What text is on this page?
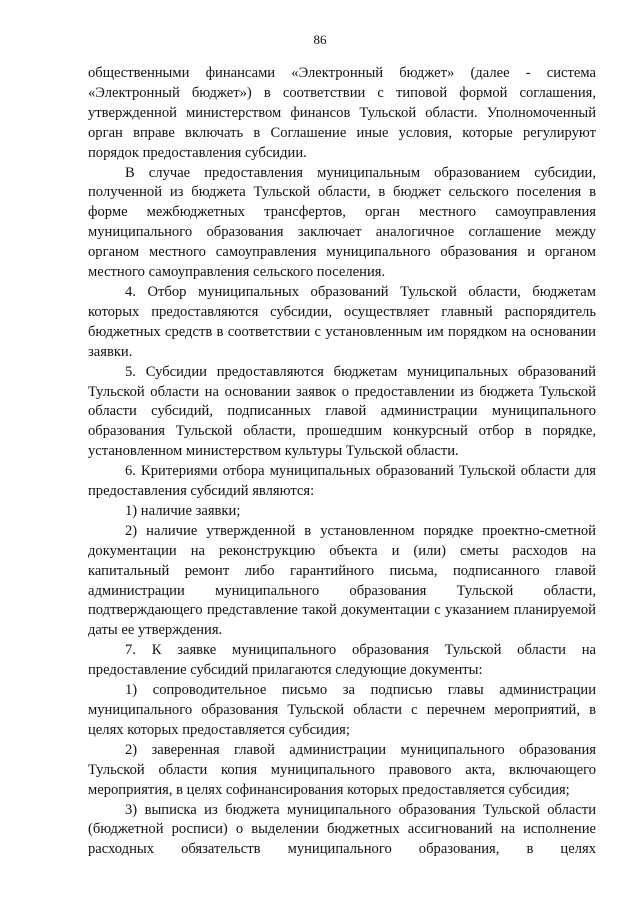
86

общественными финансами «Электронный бюджет» (далее - система «Электронный бюджет») в соответствии с типовой формой соглашения, утвержденной министерством финансов Тульской области. Уполномоченный орган вправе включать в Соглашение иные условия, которые регулируют порядок предоставления субсидии.

В случае предоставления муниципальным образованием субсидии, полученной из бюджета Тульской области, в бюджет сельского поселения в форме межбюджетных трансфертов, орган местного самоуправления муниципального образования заключает аналогичное соглашение между органом местного самоуправления муниципального образования и органом местного самоуправления сельского поселения.

4. Отбор муниципальных образований Тульской области, бюджетам которых предоставляются субсидии, осуществляет главный распорядитель бюджетных средств в соответствии с установленным им порядком на основании заявки.

5. Субсидии предоставляются бюджетам муниципальных образований Тульской области на основании заявок о предоставлении из бюджета Тульской области субсидий, подписанных главой администрации муниципального образования Тульской области, прошедшим конкурсный отбор в порядке, установленном министерством культуры Тульской области.

6. Критериями отбора муниципальных образований Тульской области для предоставления субсидий являются:

1) наличие заявки;

2) наличие утвержденной в установленном порядке проектно-сметной документации на реконструкцию объекта и (или) сметы расходов на капитальный ремонт либо гарантийного письма, подписанного главой администрации муниципального образования Тульской области, подтверждающего представление такой документации с указанием планируемой даты ее утверждения.

7. К заявке муниципального образования Тульской области на предоставление субсидий прилагаются следующие документы:

1) сопроводительное письмо за подписью главы администрации муниципального образования Тульской области с перечнем мероприятий, в целях которых предоставляется субсидия;

2) заверенная главой администрации муниципального образования Тульской области копия муниципального правового акта, включающего мероприятия, в целях софинансирования которых предоставляется субсидия;

3) выписка из бюджета муниципального образования Тульской области (бюджетной росписи) о выделении бюджетных ассигнований на исполнение расходных обязательств муниципального образования, в целях
